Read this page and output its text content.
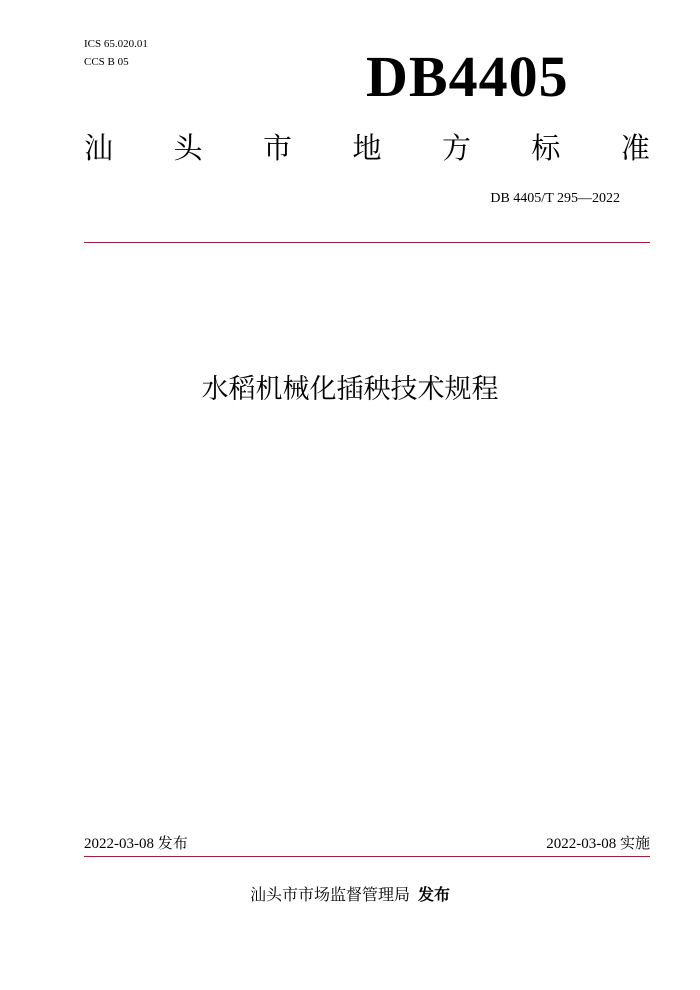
ICS 65.020.01
CCS B 05	DB4405
汕 头 市 地 方 标 准
DB 4405/T 295—2022
水稻机械化插秧技术规程
2022-03-08 发布	2022-03-08 实施
汕头市市场监督管理局 发布
